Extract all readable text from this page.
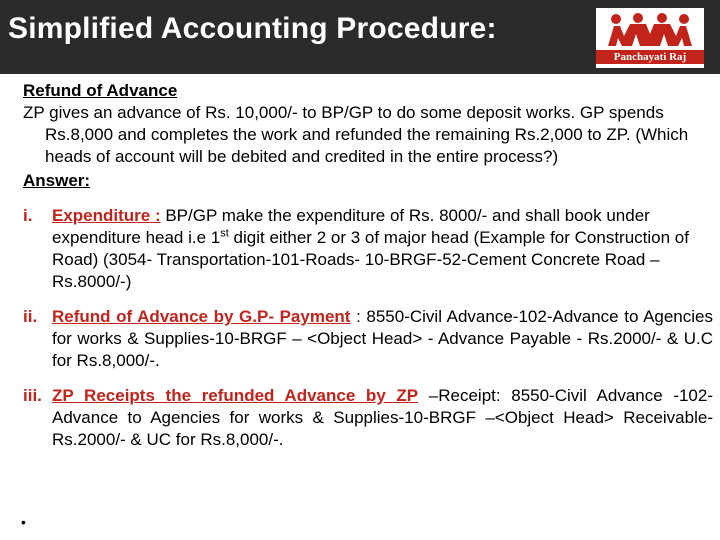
Simplified Accounting Procedure:
Panchayati Raj
Refund of Advance
ZP gives an advance of Rs. 10,000/- to BP/GP to do some deposit works. GP spends Rs.8,000 and completes the work and refunded the remaining Rs.2,000 to ZP. (Which heads of account will be debited and credited in the entire process?)
Answer:
i. Expenditure : BP/GP make the expenditure of Rs. 8000/- and shall book under expenditure head i.e 1st digit either 2 or 3 of major head (Example for Construction of Road) (3054- Transportation-101-Roads- 10-BRGF-52-Cement Concrete Road – Rs.8000/-)
ii. Refund of Advance by G.P- Payment : 8550-Civil Advance-102-Advance to Agencies for works & Supplies-10-BRGF – <Object Head> - Advance Payable - Rs.2000/- & U.C for Rs.8,000/-.
iii. ZP Receipts the refunded Advance by ZP –Receipt: 8550-Civil Advance -102- Advance to Agencies for works & Supplies-10-BRGF –<Object Head> Receivable- Rs.2000/- & UC for Rs.8,000/-.
•
